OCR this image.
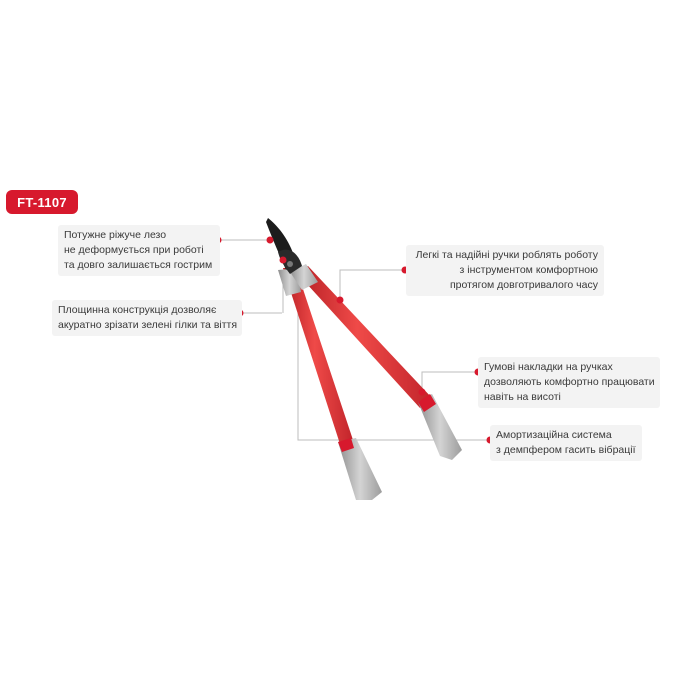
FT-1107
Потужне ріжуче лезо
не деформується при роботі
та довго залишається гострим
Площинна конструкція дозволяє
акуратно зрізати зелені гілки та віття
Легкі та надійні ручки роблять роботу
з інструментом комфортною
протягом довготривалого часу
Гумові накладки на ручках
дозволяють комфортно працювати
навіть на висоті
Амортизаційна система
з демпфером гасить вібрації
